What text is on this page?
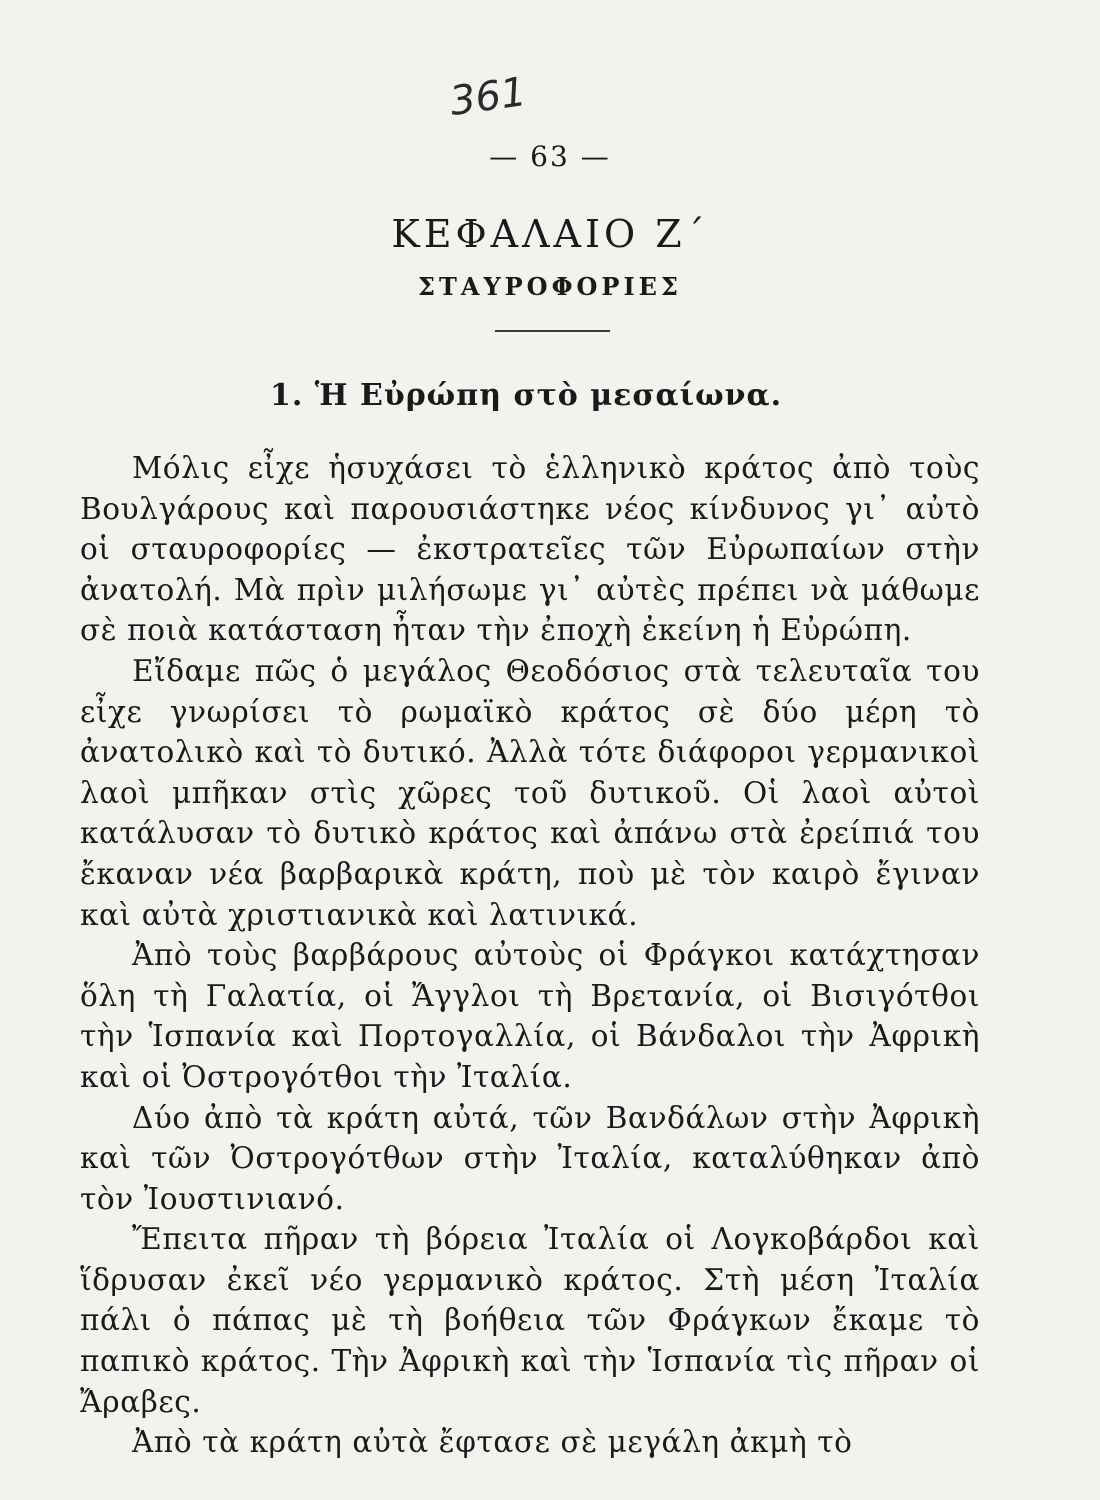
361
— 63 —
ΚΕΦΑΛΑΙΟ Ζ΄
ΣΤΑΥΡΟΦΟΡΙΕΣ
1. Ἡ Εὐρώπη στὸ μεσαίωνα.

Μόλις εἶχε ἡσυχάσει τὸ ἑλληνικὸ κράτος ἀπὸ τοὺς Βουλγάρους καὶ παρουσιάστηκε νέος κίνδυνος γι᾽ αὐτὸ οἱ σταυροφορίες — ἐκστρατεῖες τῶν Εὐρωπαίων στὴν ἀνατολή. Μὰ πρὶν μιλήσωμε γι᾽ αὐτὲς πρέπει νὰ μάθωμε σὲ ποιὰ κατάσταση ἦταν τὴν ἐποχὴ ἐκείνη ἡ Εὐρώπη.

Εἴδαμε πῶς ὁ μεγάλος Θεοδόσιος στὰ τελευταῖα του εἶχε γνωρίσει τὸ ρωμαϊκὸ κράτος σὲ δύο μέρη τὸ ἀνατολικὸ καὶ τὸ δυτικό. Ἀλλὰ τότε διάφοροι γερμανικοὶ λαοὶ μπῆκαν στὶς χῶρες τοῦ δυτικοῦ. Οἱ λαοὶ αὐτοὶ κατάλυσαν τὸ δυτικὸ κράτος καὶ ἀπάνω στὰ ἐρείπιά του ἔκαναν νέα βαρβαρικὰ κράτη, ποὺ μὲ τὸν καιρὸ ἔγιναν καὶ αὐτὰ χριστιανικὰ καὶ λατινικά.

Ἀπὸ τοὺς βαρβάρους αὐτοὺς οἱ Φράγκοι κατάχτησαν ὅλη τὴ Γαλατία, οἱ Ἄγγλοι τὴ Βρετανία, οἱ Βισιγότθοι τὴν Ἱσπανία καὶ Πορτογαλλία, οἱ Βάνδαλοι τὴν Ἀφρικὴ καὶ οἱ Ὀστρογότθοι τὴν Ἰταλία.

Δύο ἀπὸ τὰ κράτη αὐτά, τῶν Βανδάλων στὴν Ἀφρικὴ καὶ τῶν Ὀστρογότθων στὴν Ἰταλία, καταλύθηκαν ἀπὸ τὸν Ἰουστινιανό.

Ἔπειτα πῆραν τὴ βόρεια Ἰταλία οἱ Λογκοβάρδοι καὶ ἵδρυσαν ἐκεῖ νέο γερμανικὸ κράτος. Στὴ μέση Ἰταλία πάλι ὁ πάπας μὲ τὴ βοήθεια τῶν Φράγκων ἔκαμε τὸ παπικὸ κράτος. Τὴν Ἀφρικὴ καὶ τὴν Ἱσπανία τὶς πῆραν οἱ Ἄραβες.

Ἀπὸ τὰ κράτη αὐτὰ ἔφτασε σὲ μεγάλη ἀκμὴ τὸ
